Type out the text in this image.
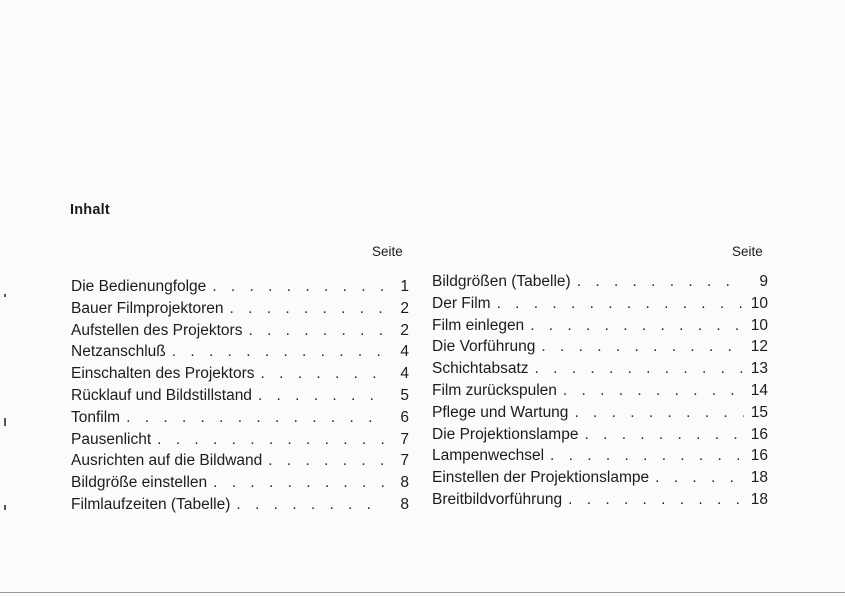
Inhalt
Seite	Seite
Die Bedienungfolge . . .	1
Bauer Filmprojektoren . . .	2
Aufstellen des Projektors . . .	2
Netzanschluß . . .	4
Einschalten des Projektors . . .	4
Rücklauf und Bildstillstand . . .	5
Tonfilm . . .	6
Pausenlicht . . .	7
Ausrichten auf die Bildwand . . .	7
Bildgröße einstellen . . .	8
Filmlaufzeiten (Tabelle) . . .	8
Bildgrößen (Tabelle) . . .	9
Der Film . . .	10
Film einlegen . . .	10
Die Vorführung . . .	12
Schichtabsatz . . .	13
Film zurückspulen . . .	14
Pflege und Wartung . . .	15
Die Projektionslampe . . .	16
Lampenwechsel . . .	16
Einstellen der Projektionslampe . . .	18
Breitbildvorführung . . .	18
